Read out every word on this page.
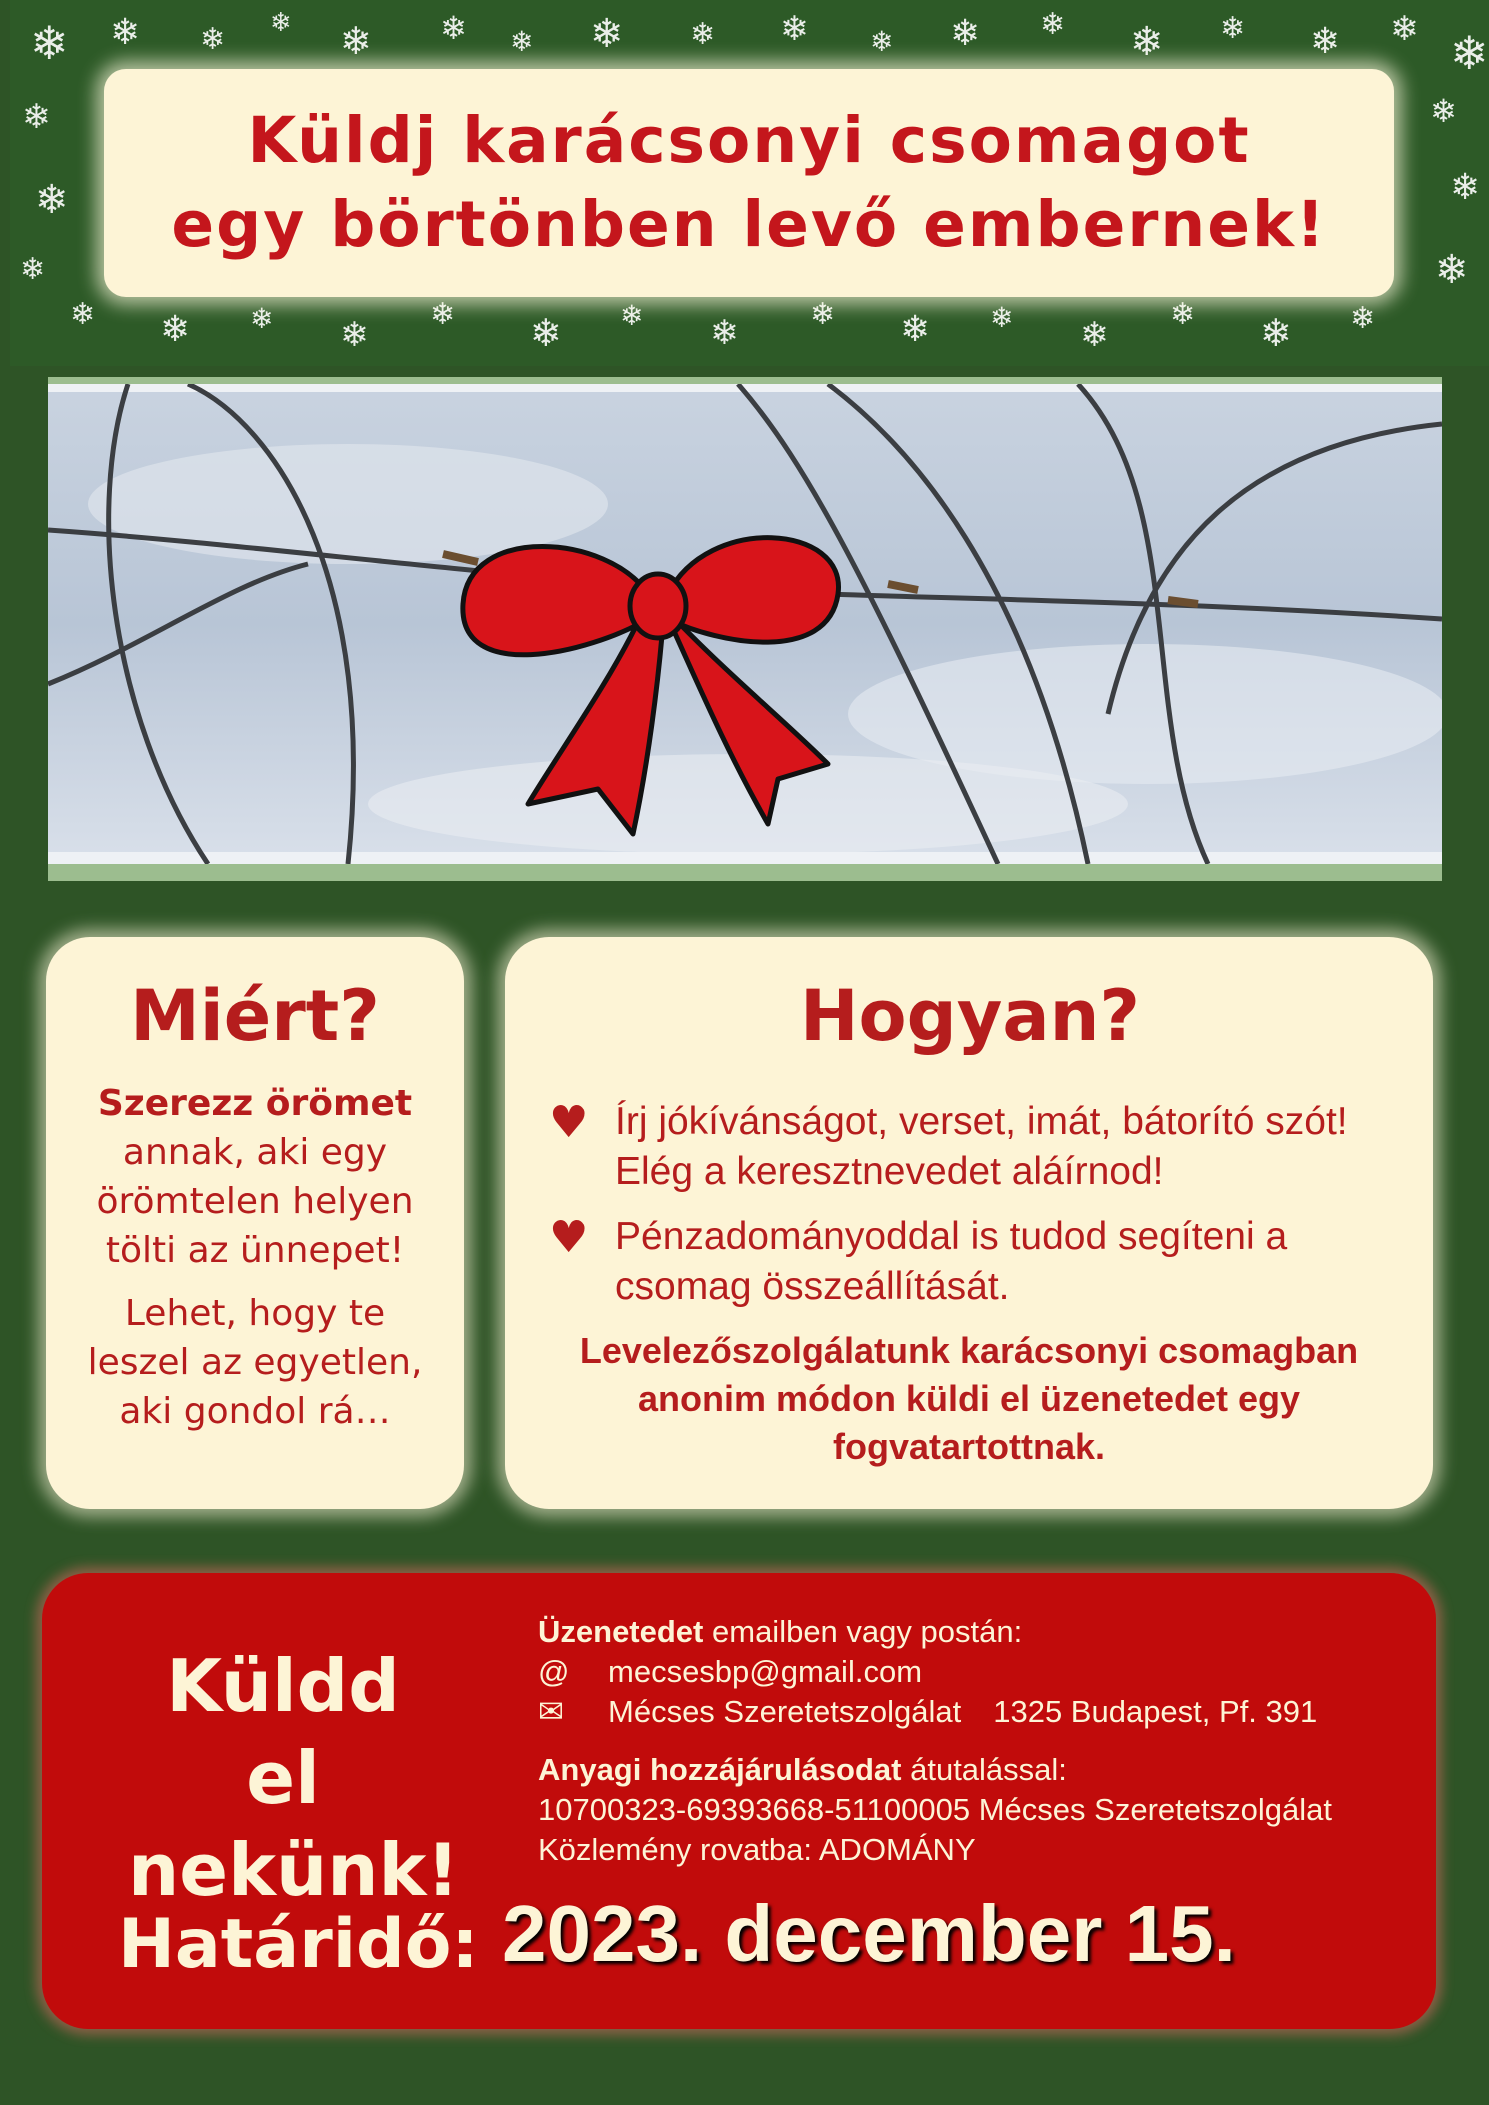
❄ ❄ ❄ ❄ ❄ ❄ ❄ ❄ ❄ ❄ ❄ ❄ ❄ ❄ ❄ ❄ ❄ ❄
❄
❄
❄
❄
❄
❄
❄ ❄ ❄ ❄
❄ ❄ ❄ ❄ ❄ ❄ ❄ ❄
❄ ❄ ❄
Küldj karácsonyi csomagot
egy börtönben levő embernek!
Miért?
Szerezz örömet
annak, aki egy örömtelen helyen tölti az ünnepet!
Lehet, hogy te leszel az egyetlen, aki gondol rá…
Hogyan?
♥ Írj jókívánságot, verset, imát, bátorító szót! Elég a keresztnevedet aláírnod!
♥ Pénzadományoddal is tudod segíteni a csomag összeállítását.
Levelezőszolgálatunk karácsonyi csomagban anonim módon küldi el üzenetedet egy fogvatartottnak.
Küldd el
nekünk!
Üzenetedet emailben vagy postán:
@ mecsesbp@gmail.com
✉ Mécses Szeretetszolgálat 1325 Budapest, Pf. 391
Anyagi hozzájárulásodat átutalással:
10700323-69393668-51100005 Mécses Szeretetszolgálat
Közlemény rovatba: ADOMÁNY
Határidő: 2023. december 15.
